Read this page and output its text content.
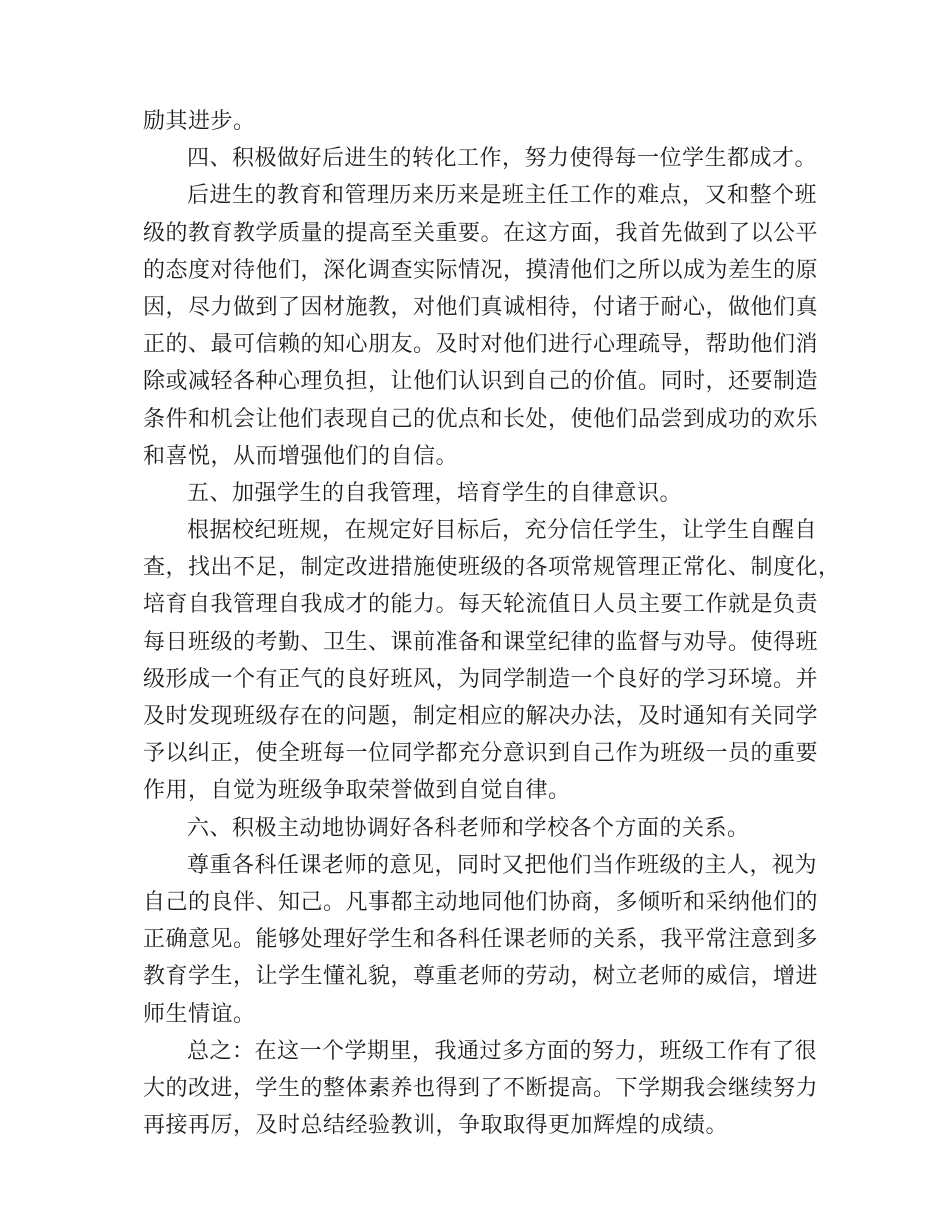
励其进步。
四、积极做好后进生的转化工作，努力使得每一位学生都成才。
后进生的教育和管理历来历来是班主任工作的难点，又和整个班
级的教育教学质量的提高至关重要。在这方面，我首先做到了以公平
的态度对待他们，深化调查实际情况，摸清他们之所以成为差生的原
因，尽力做到了因材施教，对他们真诚相待，付诸于耐心，做他们真
正的、最可信赖的知心朋友。及时对他们进行心理疏导，帮助他们消
除或减轻各种心理负担，让他们认识到自己的价值。同时，还要制造
条件和机会让他们表现自己的优点和长处，使他们品尝到成功的欢乐
和喜悦，从而增强他们的自信。
五、加强学生的自我管理，培育学生的自律意识。
根据校纪班规，在规定好目标后，充分信任学生，让学生自醒自
查，找出不足，制定改进措施使班级的各项常规管理正常化、制度化，
培育自我管理自我成才的能力。每天轮流值日人员主要工作就是负责
每日班级的考勤、卫生、课前准备和课堂纪律的监督与劝导。使得班
级形成一个有正气的良好班风，为同学制造一个良好的学习环境。并
及时发现班级存在的问题，制定相应的解决办法，及时通知有关同学
予以纠正，使全班每一位同学都充分意识到自己作为班级一员的重要
作用，自觉为班级争取荣誉做到自觉自律。
六、积极主动地协调好各科老师和学校各个方面的关系。
尊重各科任课老师的意见，同时又把他们当作班级的主人，视为
自己的良伴、知己。凡事都主动地同他们协商，多倾听和采纳他们的
正确意见。能够处理好学生和各科任课老师的关系，我平常注意到多
教育学生，让学生懂礼貌，尊重老师的劳动，树立老师的威信，增进
师生情谊。
总之：在这一个学期里，我通过多方面的努力，班级工作有了很
大的改进，学生的整体素养也得到了不断提高。下学期我会继续努力
再接再厉，及时总结经验教训，争取取得更加辉煌的成绩。
